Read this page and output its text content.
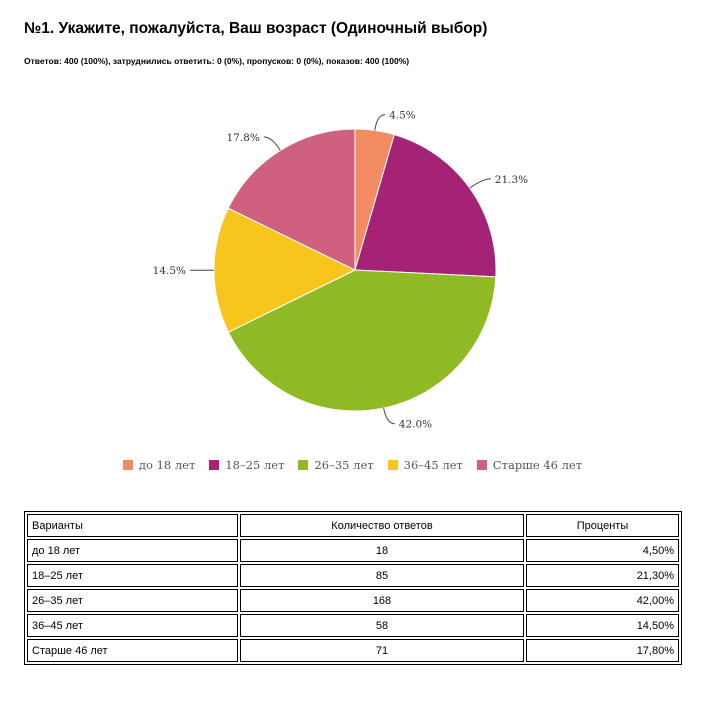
№1. Укажите, пожалуйста, Ваш возраст (Одиночный выбор)

Ответов: 400 (100%), затруднились ответить: 0 (0%), пропусков: 0 (0%), показов: 400 (100%)

4.5%
21.3%
42.0%
14.5%
17.8%
до 18 лет	18–25 лет	26–35 лет	36–45 лет	Старше 46 лет
Варианты	Количество ответов	Проценты
до 18 лет	18	4,50%
18–25 лет	85	21,30%
26–35 лет	168	42,00%
36–45 лет	58	14,50%
Старше 46 лет	71	17,80%
